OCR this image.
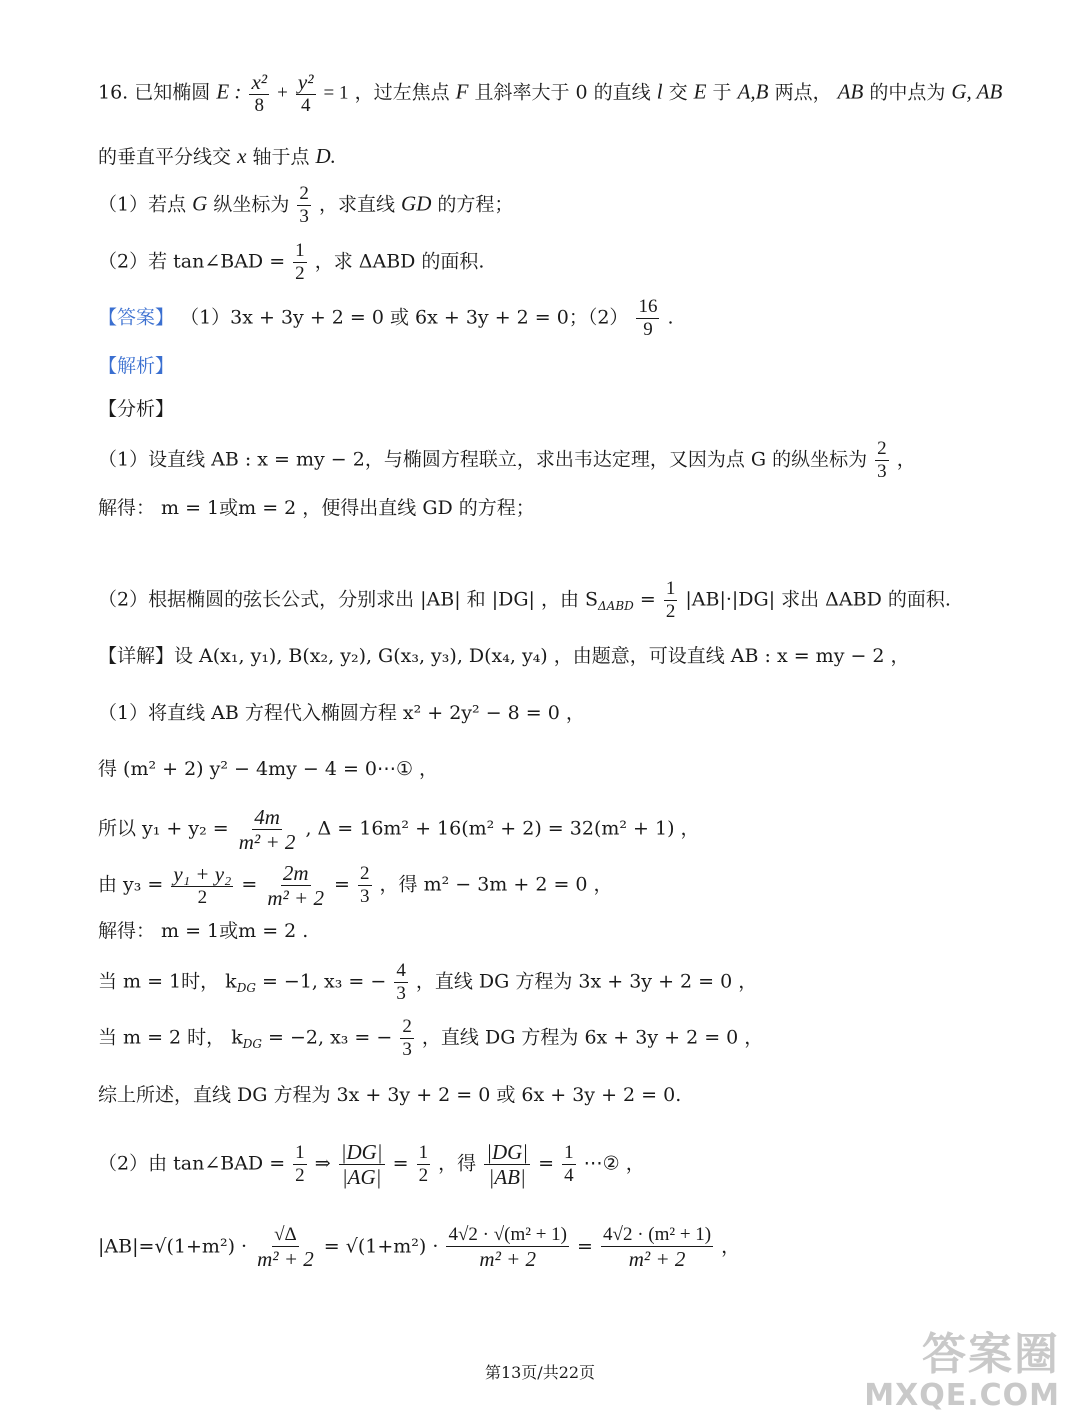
16. 已知椭圆 E : $\frac{\text{x²}}{8} + \frac{\text{y²}}{4} = 1$ ，过左焦点 F 且斜率大于 0 的直线 l 交 E 于 A,B 两点， AB 的中点为 G, AB
的垂直平分线交 x 轴于点 D.
（1）若点 G 纵坐标为 $\frac{2}{3}$ ，求直线 GD 的方程；
（2）若 tan∠BAD = $\frac{1}{2}$ ，求 ΔABD 的面积.
【答案】 （1）3x + 3y + 2 = 0 或 6x + 3y + 2 = 0；$(2) \frac{16}{9}$ .
【解析】
【分析】
（1）设直线 AB : x = my − 2，与椭圆方程联立，求出韦达定理，又因为点 G 的纵坐标为 $\frac{2}{3}$ ，
解得： m = 1或m = 2 ，便得出直线 GD 的方程；
（2）根据椭圆的弦长公式，分别求出 |AB| 和 |DG| ，由 $S_{\Delta ABD} = \frac{1}{2} |AB|\cdot|DG|$ 求出 ΔABD 的面积.
【详解】设 A(x₁, y₁), B(x₂, y₂), G(x₃, y₃), D(x₄, y₄) ，由题意，可设直线 AB : x = my − 2 ，
（1）将直线 AB 方程代入椭圆方程 x² + 2y² − 8 = 0 ，
得 (m² + 2) y² − 4my − 4 = 0⋯① ，
所以 $y_1 + y_2 = \frac{4m}{\text{m² + 2}}$ , Δ = 16m² + 16(m² + 2) = 32(m² + 1) ，
由 $y_3 = \frac{\text{y₁ + y₂}}{2} = \frac{2m}{\text{m² + 2}} = \frac{2}{3}$ ，得 m² − 3m + 2 = 0 ，
解得： m = 1或m = 2 .
当 m = 1时， $k_{DG} = -1$, x₃ = − $\frac{4}{3}$ ，直线 DG 方程为 3x + 3y + 2 = 0 ，
当 m = 2 时， $k_{DG} = -2$, x₃ = − $\frac{2}{3}$ ，直线 DG 方程为 6x + 3y + 2 = 0 ，
综上所述，直线 DG 方程为 3x + 3y + 2 = 0 或 6x + 3y + 2 = 0.
（2）由 tan∠BAD = $\frac{1}{2}$ ⇒ $\frac{|DG|}{|AG|} = \frac{1}{2}$ ，得 $\frac{|DG|}{|AB|} = \frac{1}{4}$ ⋯② ，
$|AB|=√(1+m^2) \cdot \frac{√\Delta}{\text{m² + 2}} = √(1+m^2) \cdot \frac{\text{4√2 · √(m² + 1)}}{\text{m² + 2}} = \frac{\text{4√2 · (m² + 1)}}{\text{m² + 2}}$ ，
第13页/共22页	答案圈
MXQE.COM
